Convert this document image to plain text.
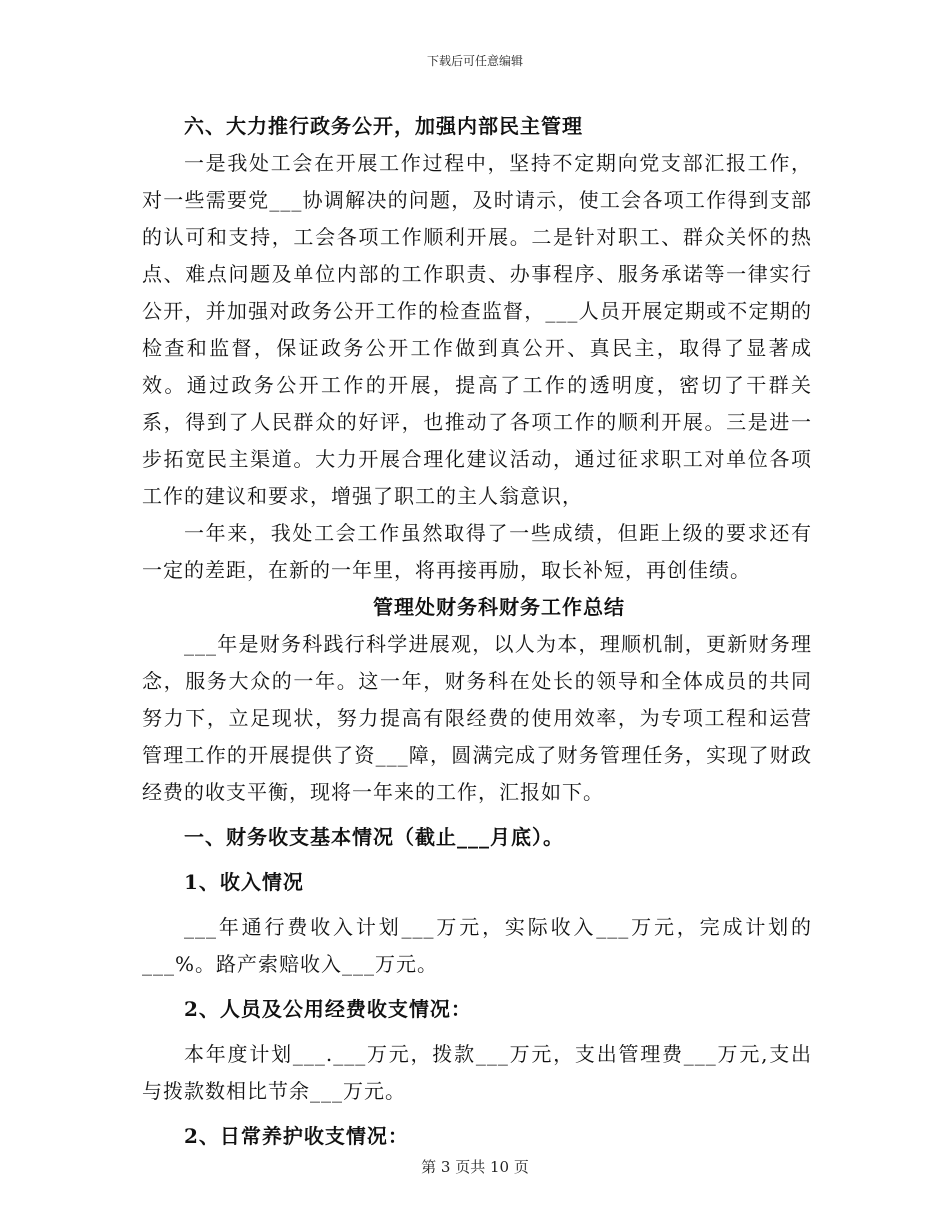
下载后可任意编辑

六、大力推行政务公开，加强内部民主管理

一是我处工会在开展工作过程中，坚持不定期向党支部汇报工作，对一些需要党___协调解决的问题，及时请示，使工会各项工作得到支部的认可和支持，工会各项工作顺利开展。二是针对职工、群众关怀的热点、难点问题及单位内部的工作职责、办事程序、服务承诺等一律实行公开，并加强对政务公开工作的检查监督，___人员开展定期或不定期的检查和监督，保证政务公开工作做到真公开、真民主，取得了显著成效。通过政务公开工作的开展，提高了工作的透明度，密切了干群关系，得到了人民群众的好评，也推动了各项工作的顺利开展。三是进一步拓宽民主渠道。大力开展合理化建议活动，通过征求职工对单位各项工作的建议和要求，增强了职工的主人翁意识，

一年来，我处工会工作虽然取得了一些成绩，但距上级的要求还有一定的差距，在新的一年里，将再接再励，取长补短，再创佳绩。

管理处财务科财务工作总结

___年是财务科践行科学进展观，以人为本，理顺机制，更新财务理念，服务大众的一年。这一年，财务科在处长的领导和全体成员的共同努力下，立足现状，努力提高有限经费的使用效率，为专项工程和运营管理工作的开展提供了资___障，圆满完成了财务管理任务，实现了财政经费的收支平衡，现将一年来的工作，汇报如下。

一、财务收支基本情况（截止___月底）。

1、收入情况

___年通行费收入计划___万元，实际收入___万元，完成计划的___%。路产索赔收入___万元。

2、人员及公用经费收支情况：

本年度计划___.___万元，拨款___万元，支出管理费___万元,支出与拨款数相比节余___万元。

2、日常养护收支情况：

第 3 页共 10 页
